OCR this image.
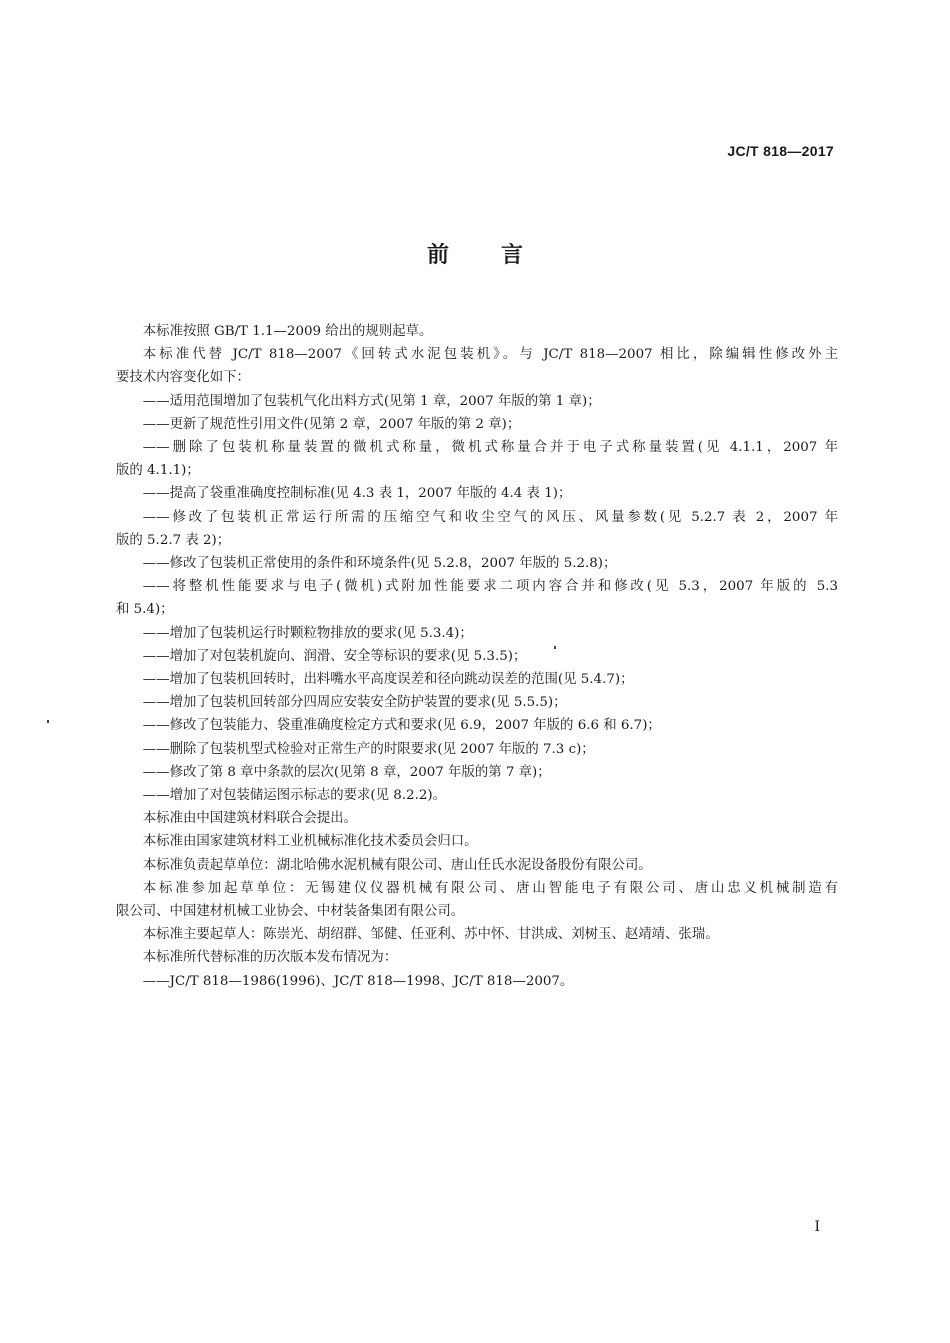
JC/T 818—2017
前言

本标准按照 GB/T 1.1—2009 给出的规则起草。

本标准代替 JC/T 818—2007《回转式水泥包装机》。与 JC/T 818—2007 相比，除编辑性修改外主

要技术内容变化如下：

——适用范围增加了包装机气化出料方式(见第 1 章，2007 年版的第 1 章)；

——更新了规范性引用文件(见第 2 章，2007 年版的第 2 章)；

——删除了包装机称量装置的微机式称量，微机式称量合并于电子式称量装置(见 4.1.1，2007 年

版的 4.1.1)；

——提高了袋重准确度控制标准(见 4.3 表 1，2007 年版的 4.4 表 1)；

——修改了包装机正常运行所需的压缩空气和收尘空气的风压、风量参数(见 5.2.7 表 2，2007 年

版的 5.2.7 表 2)；

——修改了包装机正常使用的条件和环境条件(见 5.2.8，2007 年版的 5.2.8)；

——将整机性能要求与电子(微机)式附加性能要求二项内容合并和修改(见 5.3，2007 年版的 5.3

和 5.4)；

——增加了包装机运行时颗粒物排放的要求(见 5.3.4)；

——增加了对包装机旋向、润滑、安全等标识的要求(见 5.3.5)；

——增加了包装机回转时，出料嘴水平高度误差和径向跳动误差的范围(见 5.4.7)；

——增加了包装机回转部分四周应安装安全防护装置的要求(见 5.5.5)；

——修改了包装能力、袋重准确度检定方式和要求(见 6.9，2007 年版的 6.6 和 6.7)；

——删除了包装机型式检验对正常生产的时限要求(见 2007 年版的 7.3 c)；

——修改了第 8 章中条款的层次(见第 8 章，2007 年版的第 7 章)；

——增加了对包装储运图示标志的要求(见 8.2.2)。

本标准由中国建筑材料联合会提出。

本标准由国家建筑材料工业机械标准化技术委员会归口。

本标准负责起草单位：湖北哈佛水泥机械有限公司、唐山任氏水泥设备股份有限公司。

本标准参加起草单位：无锡建仪仪器机械有限公司、唐山智能电子有限公司、唐山忠义机械制造有

限公司、中国建材机械工业协会、中材装备集团有限公司。

本标准主要起草人：陈崇光、胡绍群、邹健、任亚利、苏中怀、甘洪成、刘树玉、赵靖靖、张瑞。

本标准所代替标准的历次版本发布情况为：

——JC/T 818—1986(1996)、JC/T 818—1998、JC/T 818—2007。

I
